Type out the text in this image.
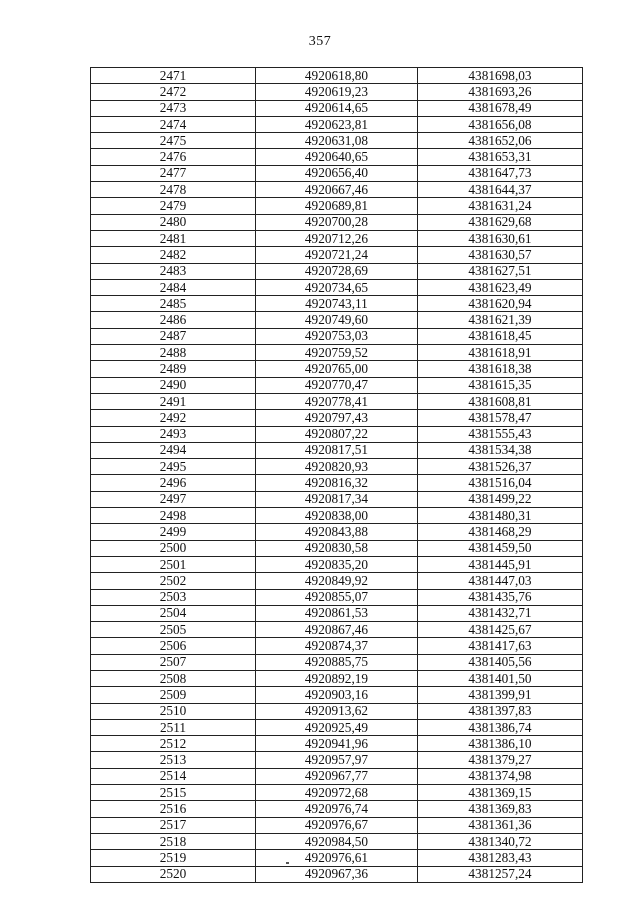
357
2471	4920618,80	4381698,03
2472	4920619,23	4381693,26
2473	4920614,65	4381678,49
2474	4920623,81	4381656,08
2475	4920631,08	4381652,06
2476	4920640,65	4381653,31
2477	4920656,40	4381647,73
2478	4920667,46	4381644,37
2479	4920689,81	4381631,24
2480	4920700,28	4381629,68
2481	4920712,26	4381630,61
2482	4920721,24	4381630,57
2483	4920728,69	4381627,51
2484	4920734,65	4381623,49
2485	4920743,11	4381620,94
2486	4920749,60	4381621,39
2487	4920753,03	4381618,45
2488	4920759,52	4381618,91
2489	4920765,00	4381618,38
2490	4920770,47	4381615,35
2491	4920778,41	4381608,81
2492	4920797,43	4381578,47
2493	4920807,22	4381555,43
2494	4920817,51	4381534,38
2495	4920820,93	4381526,37
2496	4920816,32	4381516,04
2497	4920817,34	4381499,22
2498	4920838,00	4381480,31
2499	4920843,88	4381468,29
2500	4920830,58	4381459,50
2501	4920835,20	4381445,91
2502	4920849,92	4381447,03
2503	4920855,07	4381435,76
2504	4920861,53	4381432,71
2505	4920867,46	4381425,67
2506	4920874,37	4381417,63
2507	4920885,75	4381405,56
2508	4920892,19	4381401,50
2509	4920903,16	4381399,91
2510	4920913,62	4381397,83
2511	4920925,49	4381386,74
2512	4920941,96	4381386,10
2513	4920957,97	4381379,27
2514	4920967,77	4381374,98
2515	4920972,68	4381369,15
2516	4920976,74	4381369,83
2517	4920976,67	4381361,36
2518	4920984,50	4381340,72
2519	4920976,61	4381283,43
2520	4920967,36	4381257,24
